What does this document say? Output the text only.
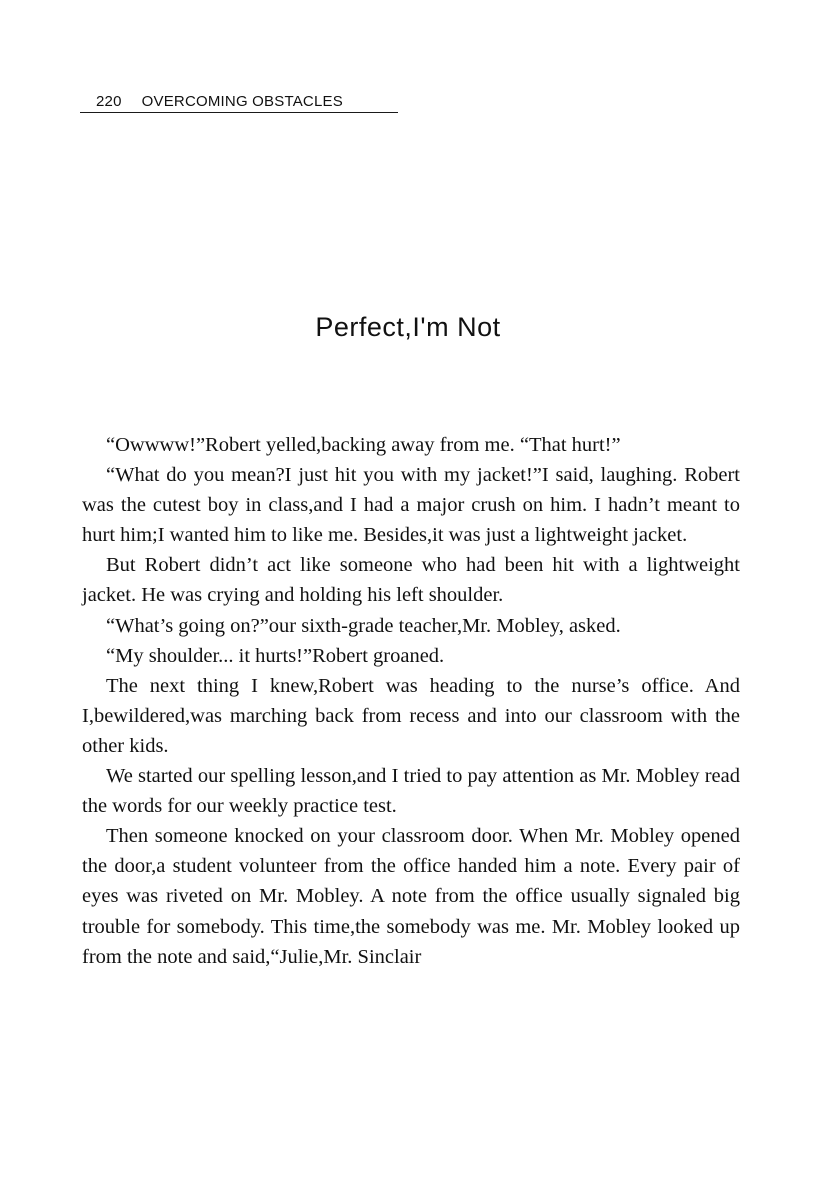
220 OVERCOMING OBSTACLES
Perfect,I'm Not

“Owwww!”Robert yelled,backing away from me. “That hurt!”

“What do you mean?I just hit you with my jacket!”I said, laughing. Robert was the cutest boy in class,and I had a major crush on him. I hadn’t meant to hurt him;I wanted him to like me. Besides,it was just a lightweight jacket.

But Robert didn’t act like someone who had been hit with a lightweight jacket. He was crying and holding his left shoulder.

“What’s going on?”our sixth-grade teacher,Mr. Mobley, asked.

“My shoulder... it hurts!”Robert groaned.

The next thing I knew,Robert was heading to the nurse’s office. And I,bewildered,was marching back from recess and into our classroom with the other kids.

We started our spelling lesson,and I tried to pay attention as Mr. Mobley read the words for our weekly practice test.

Then someone knocked on your classroom door. When Mr. Mobley opened the door,a student volunteer from the office handed him a note. Every pair of eyes was riveted on Mr. Mobley. A note from the office usually signaled big trouble for somebody. This time,the somebody was me. Mr. Mobley looked up from the note and said,“Julie,Mr. Sinclair
